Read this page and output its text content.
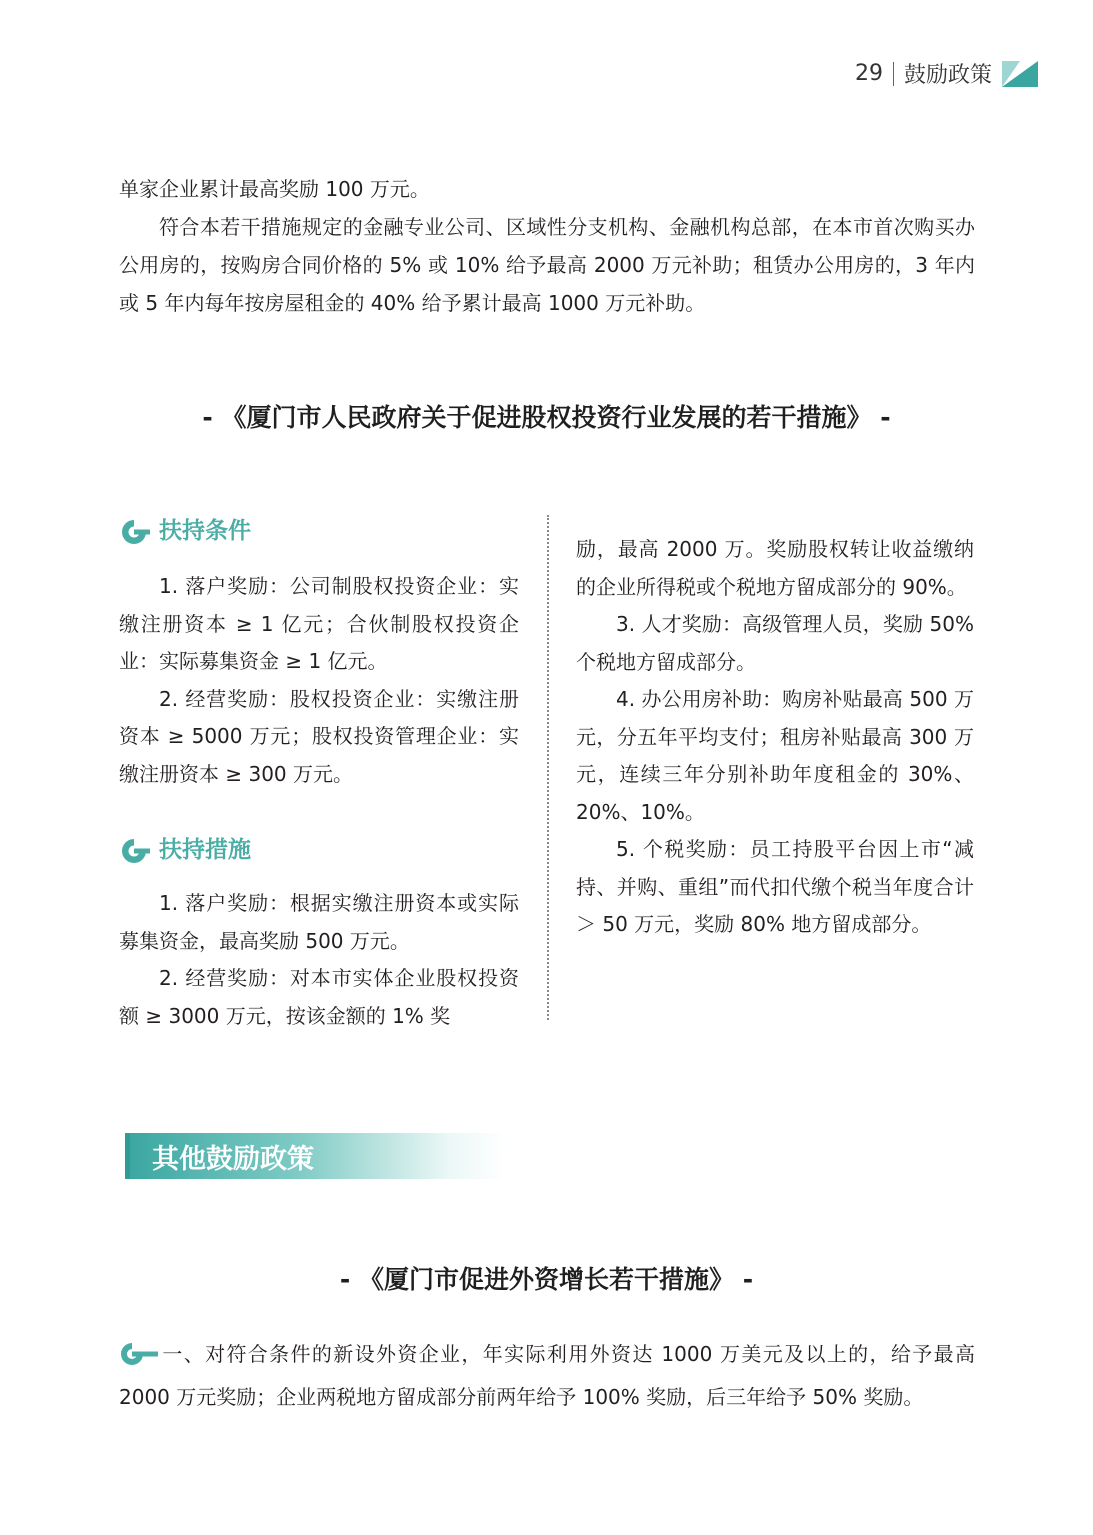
29 鼓励政策
单家企业累计最高奖励 100 万元。
符合本若干措施规定的金融专业公司、区域性分支机构、金融机构总部，在本市首次购买办公用房的，按购房合同价格的 5% 或 10% 给予最高 2000 万元补助；租赁办公用房的，3 年内或 5 年内每年按房屋租金的 40% 给予累计最高 1000 万元补助。
- 《厦门市人民政府关于促进股权投资行业发展的若干措施》 -
扶持条件

1. 落户奖励：公司制股权投资企业：实缴注册资本 ≥ 1 亿元；合伙制股权投资企业：实际募集资金 ≥ 1 亿元。

2. 经营奖励：股权投资企业：实缴注册资本 ≥ 5000 万元；股权投资管理企业：实缴注册资本 ≥ 300 万元。

扶持措施

1. 落户奖励：根据实缴注册资本或实际募集资金，最高奖励 500 万元。

2. 经营奖励：对本市实体企业股权投资额 ≥ 3000 万元，按该金额的 1% 奖

励，最高 2000 万。奖励股权转让收益缴纳的企业所得税或个税地方留成部分的 90%。

3. 人才奖励：高级管理人员，奖励 50% 个税地方留成部分。

4. 办公用房补助：购房补贴最高 500 万元，分五年平均支付；租房补贴最高 300 万元，连续三年分别补助年度租金的 30%、20%、10%。

5. 个税奖励：员工持股平台因上市“减持、并购、重组”而代扣代缴个税当年度合计 ＞ 50 万元，奖励 80% 地方留成部分。

其他鼓励政策
- 《厦门市促进外资增长若干措施》 -
一、对符合条件的新设外资企业，年实际利用外资达 1000 万美元及以上的，给予最高 2000 万元奖励；企业两税地方留成部分前两年给予 100% 奖励，后三年给予 50% 奖励。
